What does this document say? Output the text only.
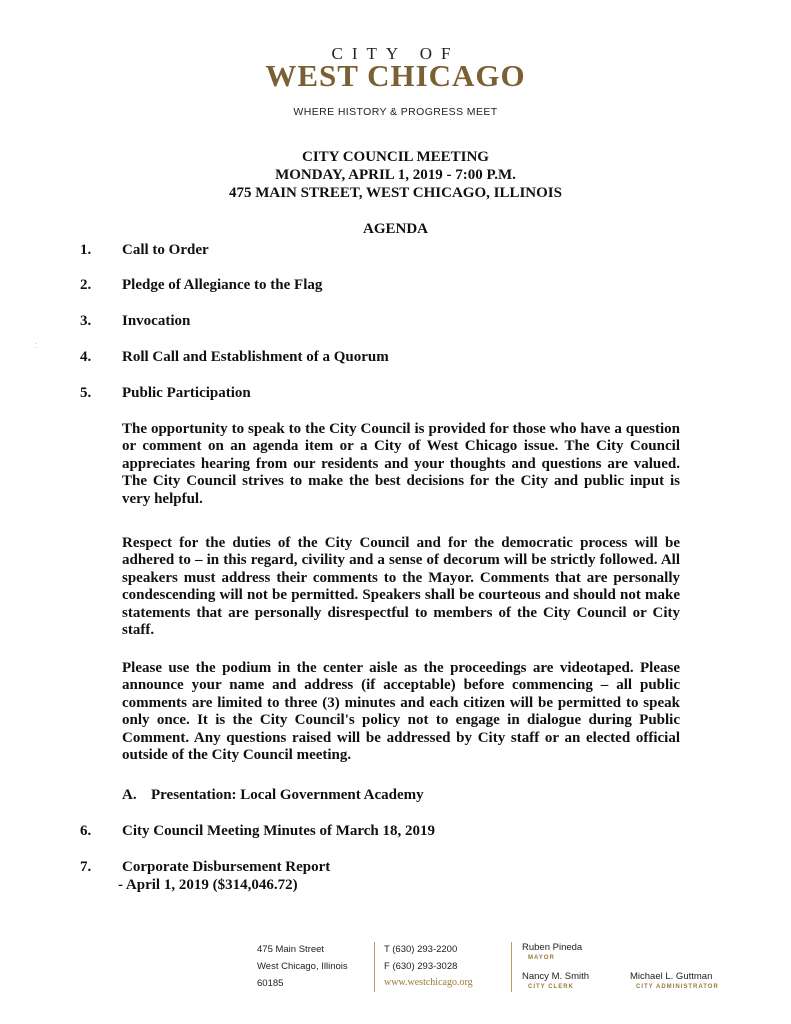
CITY OF
WEST CHICAGO
WHERE HISTORY & PROGRESS MEET
CITY COUNCIL MEETING
MONDAY, APRIL 1, 2019 - 7:00 P.M.
475 MAIN STREET, WEST CHICAGO, ILLINOIS
AGENDA
1. Call to Order
2. Pledge of Allegiance to the Flag
3. Invocation
⁚
4. Roll Call and Establishment of a Quorum
5. Public Participation
The opportunity to speak to the City Council is provided for those who have a question or comment on an agenda item or a City of West Chicago issue. The City Council appreciates hearing from our residents and your thoughts and questions are valued. The City Council strives to make the best decisions for the City and public input is very helpful.
Respect for the duties of the City Council and for the democratic process will be adhered to – in this regard, civility and a sense of decorum will be strictly followed. All speakers must address their comments to the Mayor. Comments that are personally condescending will not be permitted. Speakers shall be courteous and should not make statements that are personally disrespectful to members of the City Council or City staff.
Please use the podium in the center aisle as the proceedings are videotaped. Please announce your name and address (if acceptable) before commencing – all public comments are limited to three (3) minutes and each citizen will be permitted to speak only once. It is the City Council's policy not to engage in dialogue during Public Comment. Any questions raised will be addressed by City staff or an elected official outside of the City Council meeting.
A. Presentation: Local Government Academy
6. City Council Meeting Minutes of March 18, 2019
7. Corporate Disbursement Report
- April 1, 2019 ($314,046.72)
475 Main Street
West Chicago, Illinois
60185
T (630) 293-2200
F (630) 293-3028
www.westchicago.org
Ruben Pineda
MAYOR
Nancy M. Smith
CITY CLERK
Michael L. Guttman
CITY ADMINISTRATOR
